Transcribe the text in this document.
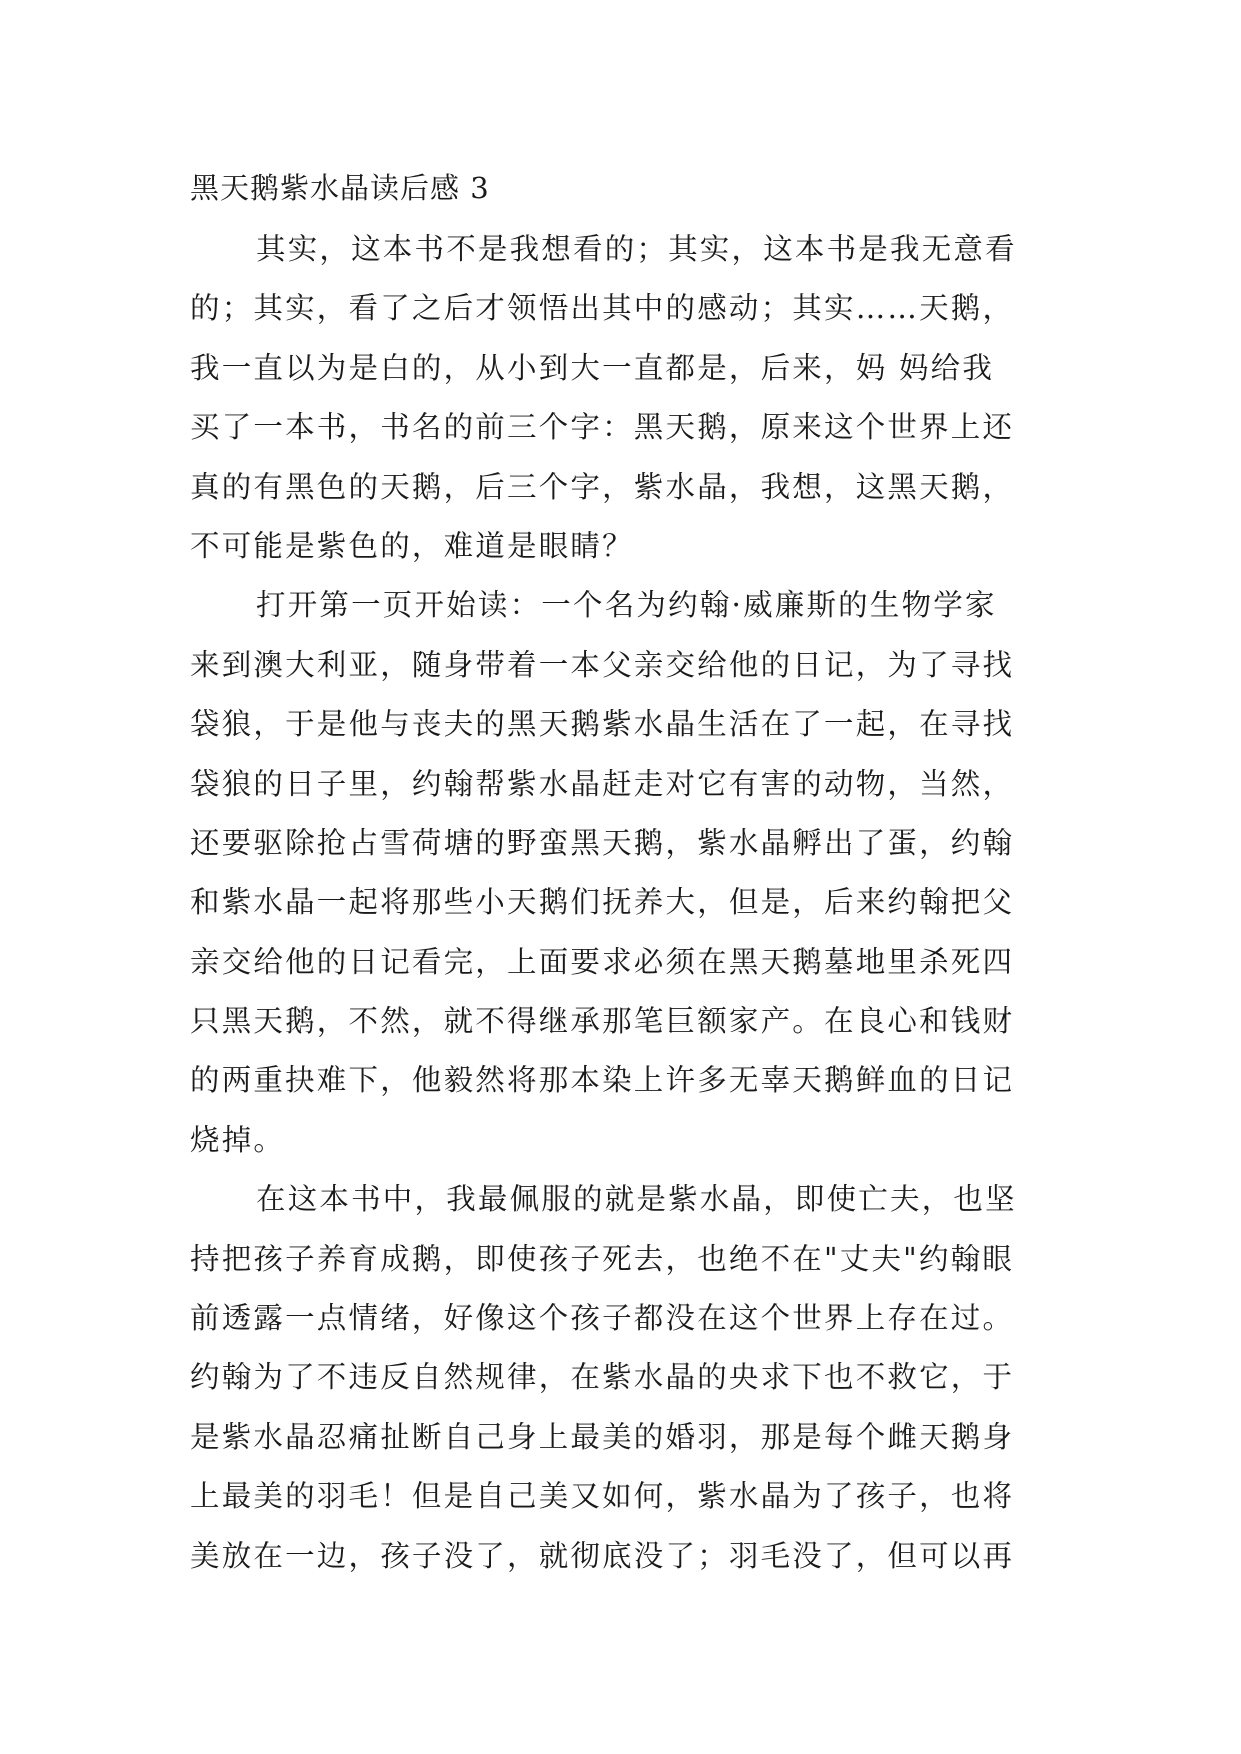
黑天鹅紫水晶读后感 3

其实，这本书不是我想看的；其实，这本书是我无意看
的；其实，看了之后才领悟出其中的感动；其实……天鹅，
我一直以为是白的，从小到大一直都是，后来，妈 妈给我
买了一本书，书名的前三个字：黑天鹅，原来这个世界上还
真的有黑色的天鹅，后三个字，紫水晶，我想，这黑天鹅，
不可能是紫色的，难道是眼睛？

打开第一页开始读：一个名为约翰·威廉斯的生物学家
来到澳大利亚，随身带着一本父亲交给他的日记，为了寻找
袋狼，于是他与丧夫的黑天鹅紫水晶生活在了一起，在寻找
袋狼的日子里，约翰帮紫水晶赶走对它有害的动物，当然，
还要驱除抢占雪荷塘的野蛮黑天鹅，紫水晶孵出了蛋，约翰
和紫水晶一起将那些小天鹅们抚养大，但是，后来约翰把父
亲交给他的日记看完，上面要求必须在黑天鹅墓地里杀死四
只黑天鹅，不然，就不得继承那笔巨额家产。在良心和钱财
的两重抉难下，他毅然将那本染上许多无辜天鹅鲜血的日记
烧掉。

在这本书中，我最佩服的就是紫水晶，即使亡夫，也坚
持把孩子养育成鹅，即使孩子死去，也绝不在"丈夫"约翰眼
前透露一点情绪，好像这个孩子都没在这个世界上存在过。
约翰为了不违反自然规律，在紫水晶的央求下也不救它，于
是紫水晶忍痛扯断自己身上最美的婚羽，那是每个雌天鹅身
上最美的羽毛！但是自己美又如何，紫水晶为了孩子，也将
美放在一边，孩子没了，就彻底没了；羽毛没了，但可以再
